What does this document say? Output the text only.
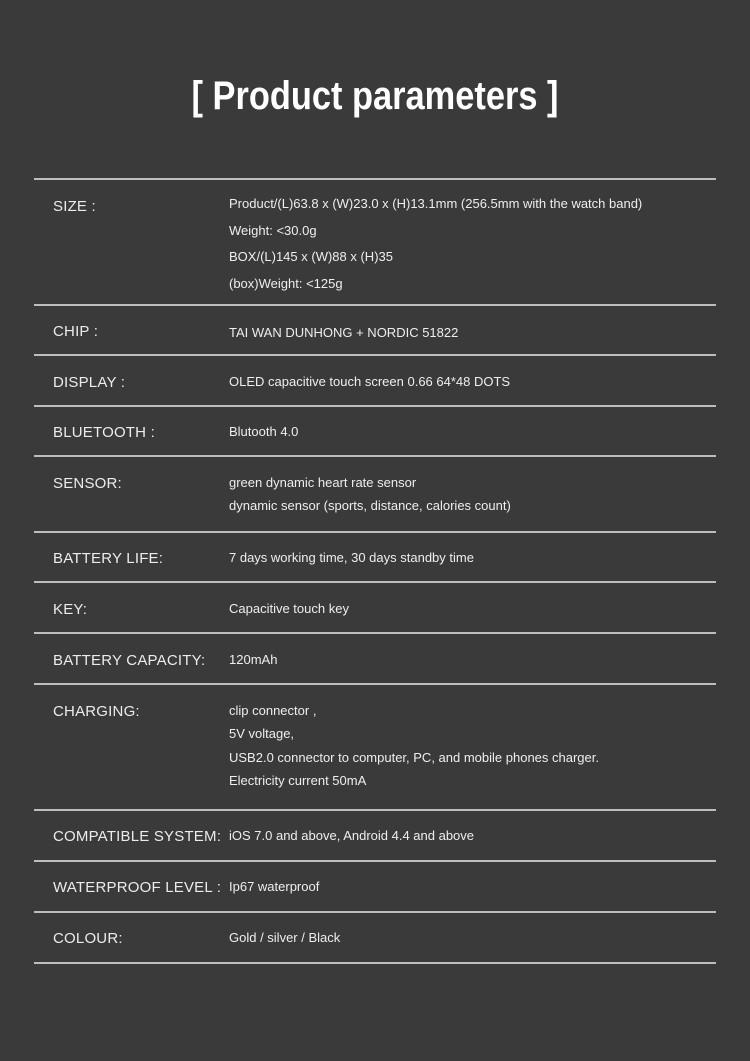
[ Product parameters ]
SIZE :	Product/(L)63.8 x (W)23.0 x (H)13.1mm (256.5mm with the watch band)
Weight: <30.0g
BOX/(L)145 x (W)88 x (H)35
(box)Weight: <125g
CHIP :	TAI WAN DUNHONG + NORDIC 51822
DISPLAY :	OLED capacitive touch screen 0.66 64*48 DOTS
BLUETOOTH :	Blutooth 4.0
SENSOR:	green dynamic heart rate sensor
dynamic sensor (sports, distance, calories count)
BATTERY LIFE:	7 days working time, 30 days standby time
KEY:	Capacitive touch key
BATTERY CAPACITY: 120mAh
CHARGING:	clip connector ,
5V voltage,
USB2.0 connector to computer, PC, and mobile phones charger.
Electricity current 50mA
COMPATIBLE SYSTEM: iOS 7.0 and above, Android 4.4 and above
WATERPROOF LEVEL : Ip67 waterproof
COLOUR:	Gold / silver / Black
